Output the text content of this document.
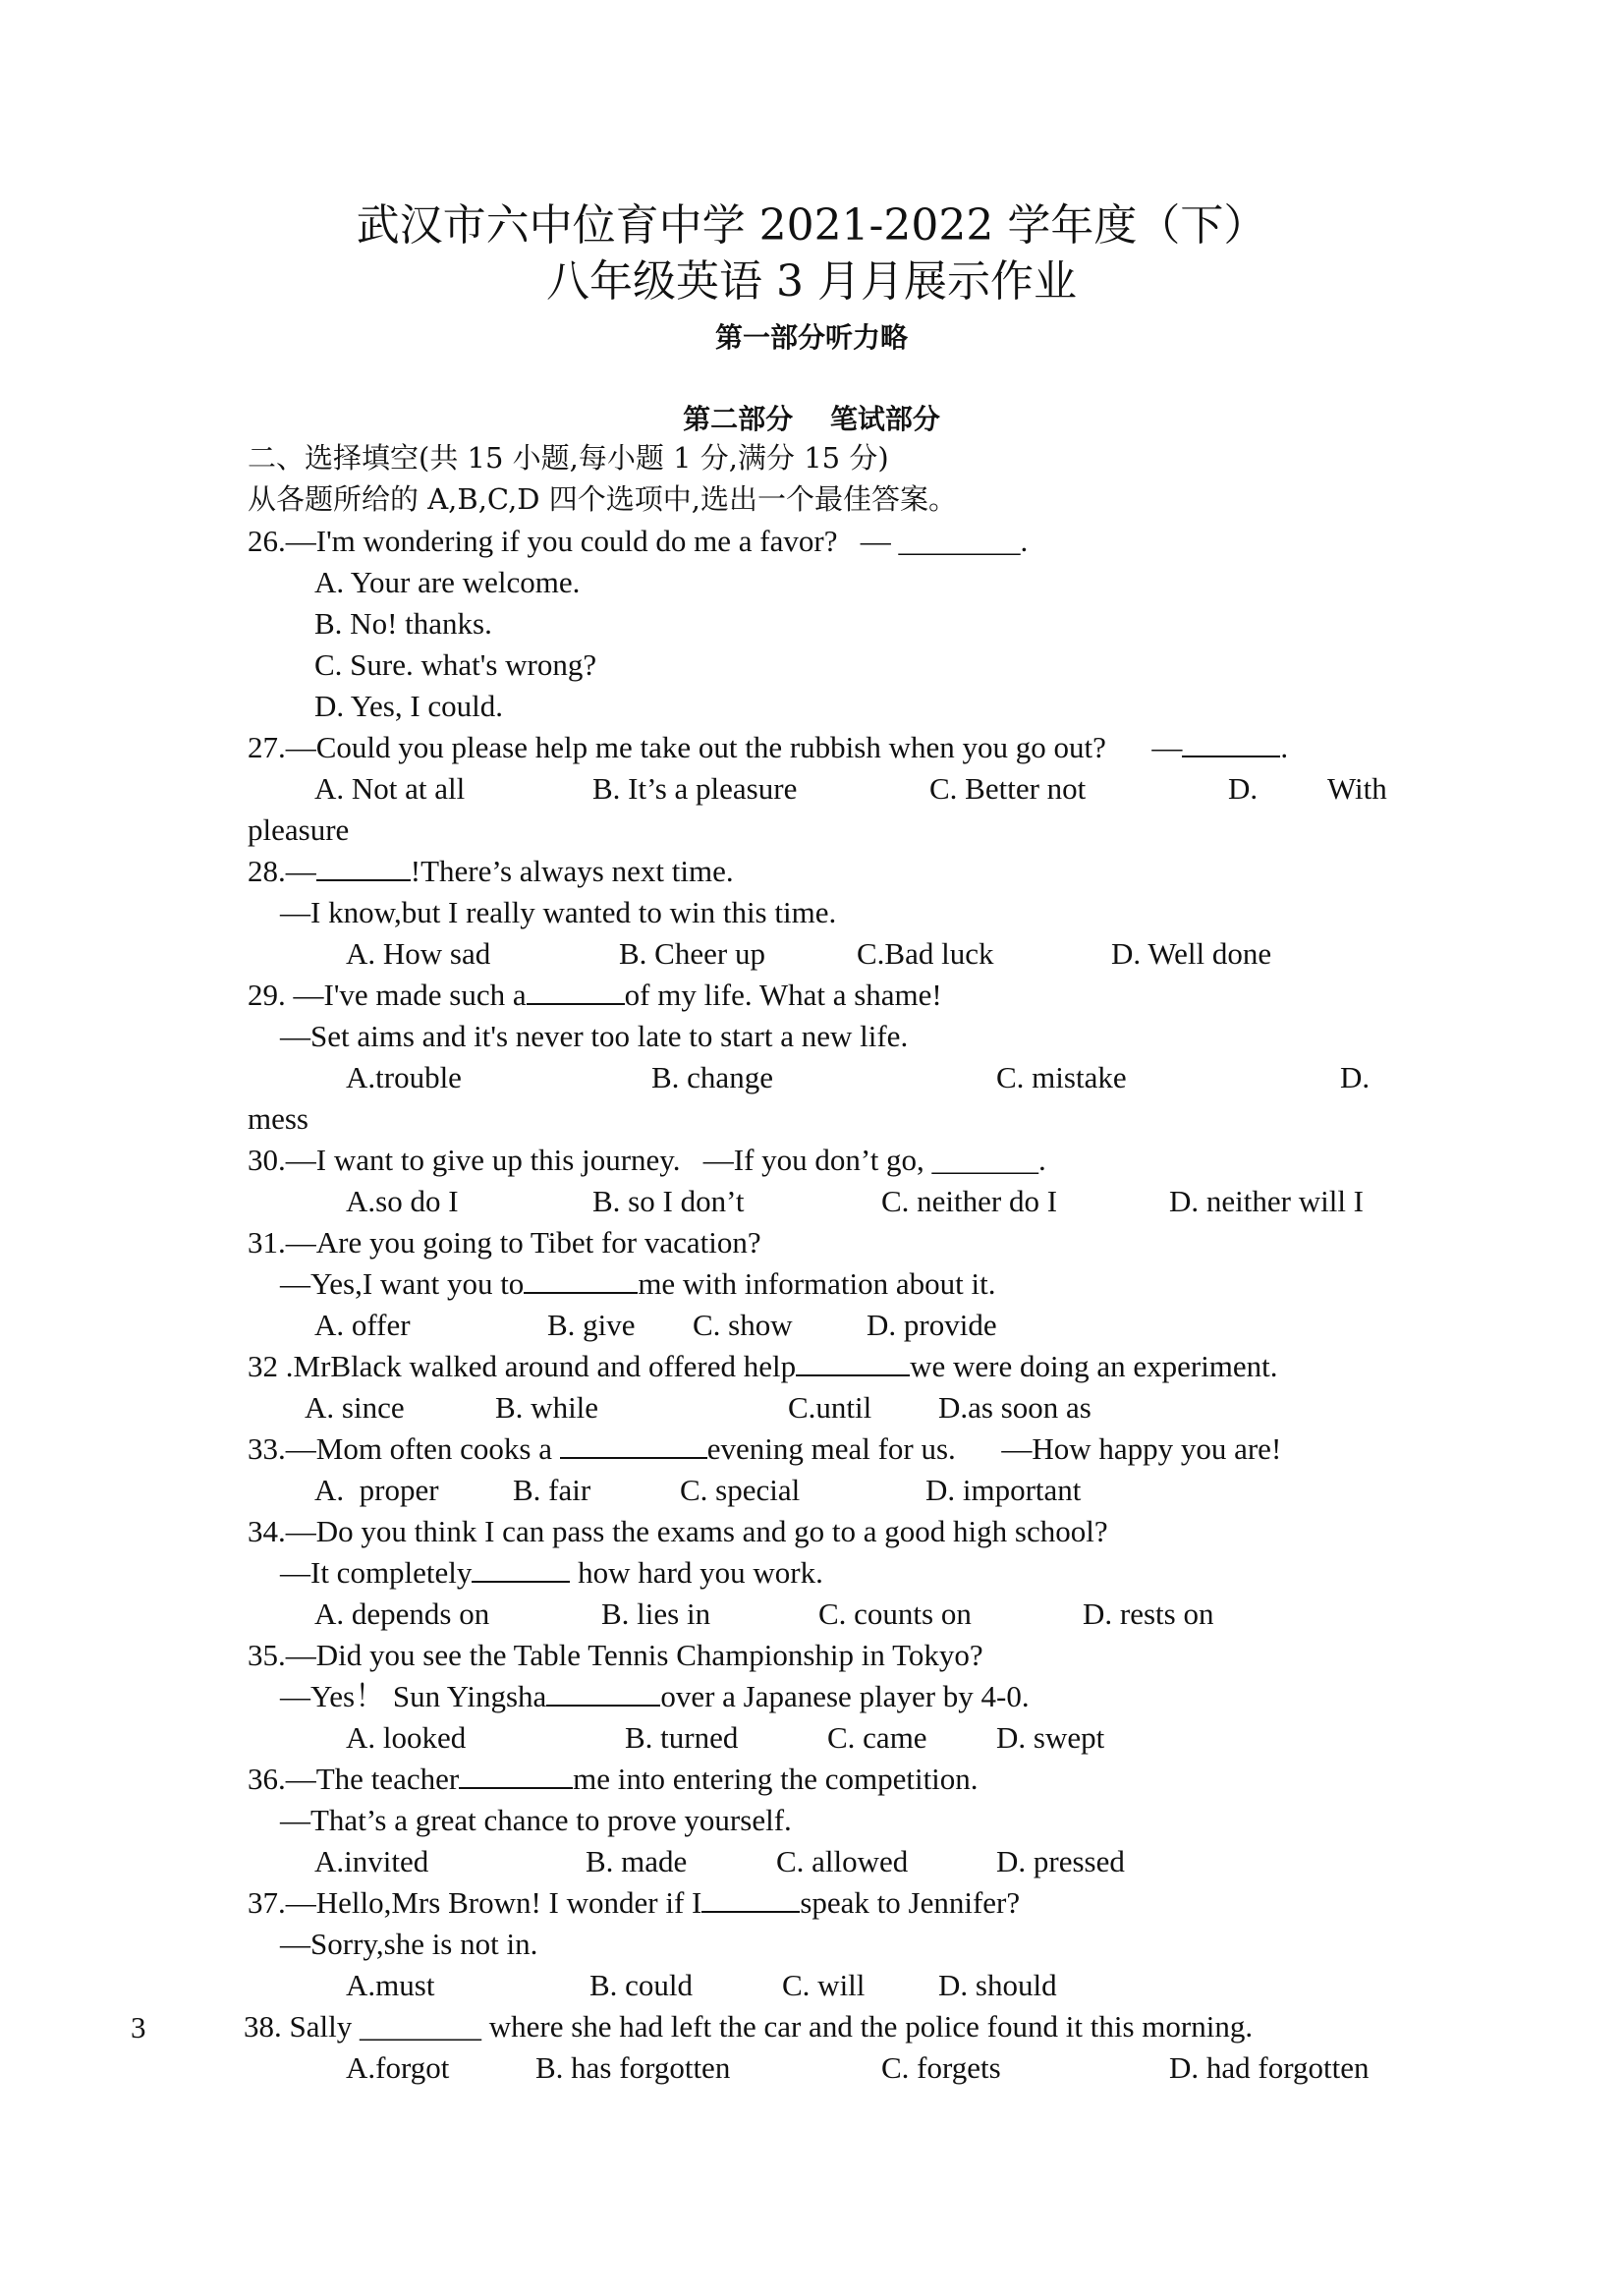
武汉市六中位育中学 2021-2022 学年度（下）
八年级英语 3 月月展示作业
第一部分听力略
第二部分 笔试部分
二、选择填空(共 15 小题,每小题 1 分,满分 15 分)
从各题所给的 A,B,C,D 四个选项中,选出一个最佳答案。
26.—I'm wondering if you could do me a favor?   — ________.
A. Your are welcome.
B. No! thanks.
C. Sure. what's wrong?
D. Yes, I could.
27.—Could you please help me take out the rubbish when you go out? —	.
A. Not at all	B. It’s a pleasure	C. Better not	D. With
pleasure
28.—	!There’s always next time.
—I know,but I really wanted to win this time.
A. How sad	B. Cheer up	C.Bad luck	D. Well done
29. —I've made such a	of my life. What a shame!
—Set aims and it's never too late to start a new life.
A.trouble	B. change	C. mistake	D.
mess
30.—I want to give up this journey.   —If you don’t go, _______.
A.so do I	B. so I don’t	C. neither do I	D. neither will I
31.—Are you going to Tibet for vacation?
—Yes,I want you to	me with information about it.
A. offer	B. give C. show D. provide
32 .MrBlack walked around and offered help	we were doing an experiment.
A. since	B. while	C.until D.as soon as
33.—Mom often cooks a	evening meal for us. —How happy you are!
A.  proper B. fair	C. special	D. important
34.—Do you think I can pass the exams and go to a good high school?
—It completely	how hard you work.
A. depends on	B. lies in	C. counts on	D. rests on
35.—Did you see the Table Tennis Championship in Tokyo?
—Yes！ Sun Yingsha	over a Japanese player by 4-0.
A. looked	B. turned	C. came D. swept
36.—The teacher	me into entering the competition.
—That’s a great chance to prove yourself.
A.invited	B. made	C. allowed	D. pressed
37.—Hello,Mrs Brown! I wonder if I	speak to Jennifer?
—Sorry,she is not in.
A.must	B. could	C. will D. should
3	38. Sally ________ where she had left the car and the police found it this morning.
A.forgot	B. has forgotten	C. forgets	D. had forgotten
